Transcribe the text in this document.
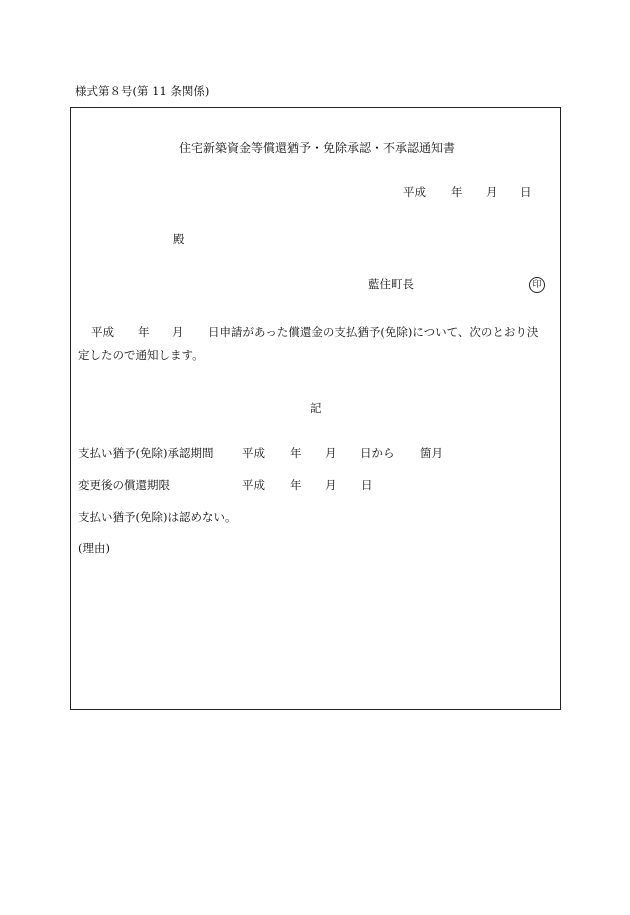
様式第８号(第 11 条関係)
住宅新築資金等償還猶予・免除承認・不承認通知書
平成 年 月 日
殿
藍住町長	印
平成 年 月 日申請があった償還金の支払猶予(免除)について、次のとおり決
定したので通知します。
記
支払い猶予(免除)承認期間 平成 年 月 日から 箇月
変更後の償還期限	平成 年 月 日
支払い猶予(免除)は認めない。
(理由)
